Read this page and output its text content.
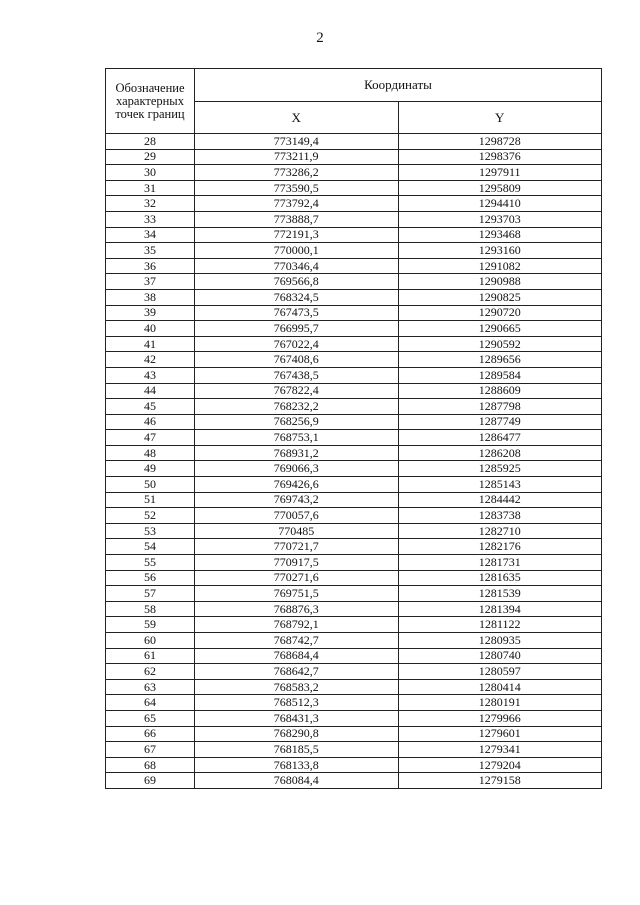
2
Обозначение характерных точек границ	Координаты	
	X	Y
28	773149,4	1298728
29	773211,9	1298376
30	773286,2	1297911
31	773590,5	1295809
32	773792,4	1294410
33	773888,7	1293703
34	772191,3	1293468
35	770000,1	1293160
36	770346,4	1291082
37	769566,8	1290988
38	768324,5	1290825
39	767473,5	1290720
40	766995,7	1290665
41	767022,4	1290592
42	767408,6	1289656
43	767438,5	1289584
44	767822,4	1288609
45	768232,2	1287798
46	768256,9	1287749
47	768753,1	1286477
48	768931,2	1286208
49	769066,3	1285925
50	769426,6	1285143
51	769743,2	1284442
52	770057,6	1283738
53	770485	1282710
54	770721,7	1282176
55	770917,5	1281731
56	770271,6	1281635
57	769751,5	1281539
58	768876,3	1281394
59	768792,1	1281122
60	768742,7	1280935
61	768684,4	1280740
62	768642,7	1280597
63	768583,2	1280414
64	768512,3	1280191
65	768431,3	1279966
66	768290,8	1279601
67	768185,5	1279341
68	768133,8	1279204
69	768084,4	1279158
